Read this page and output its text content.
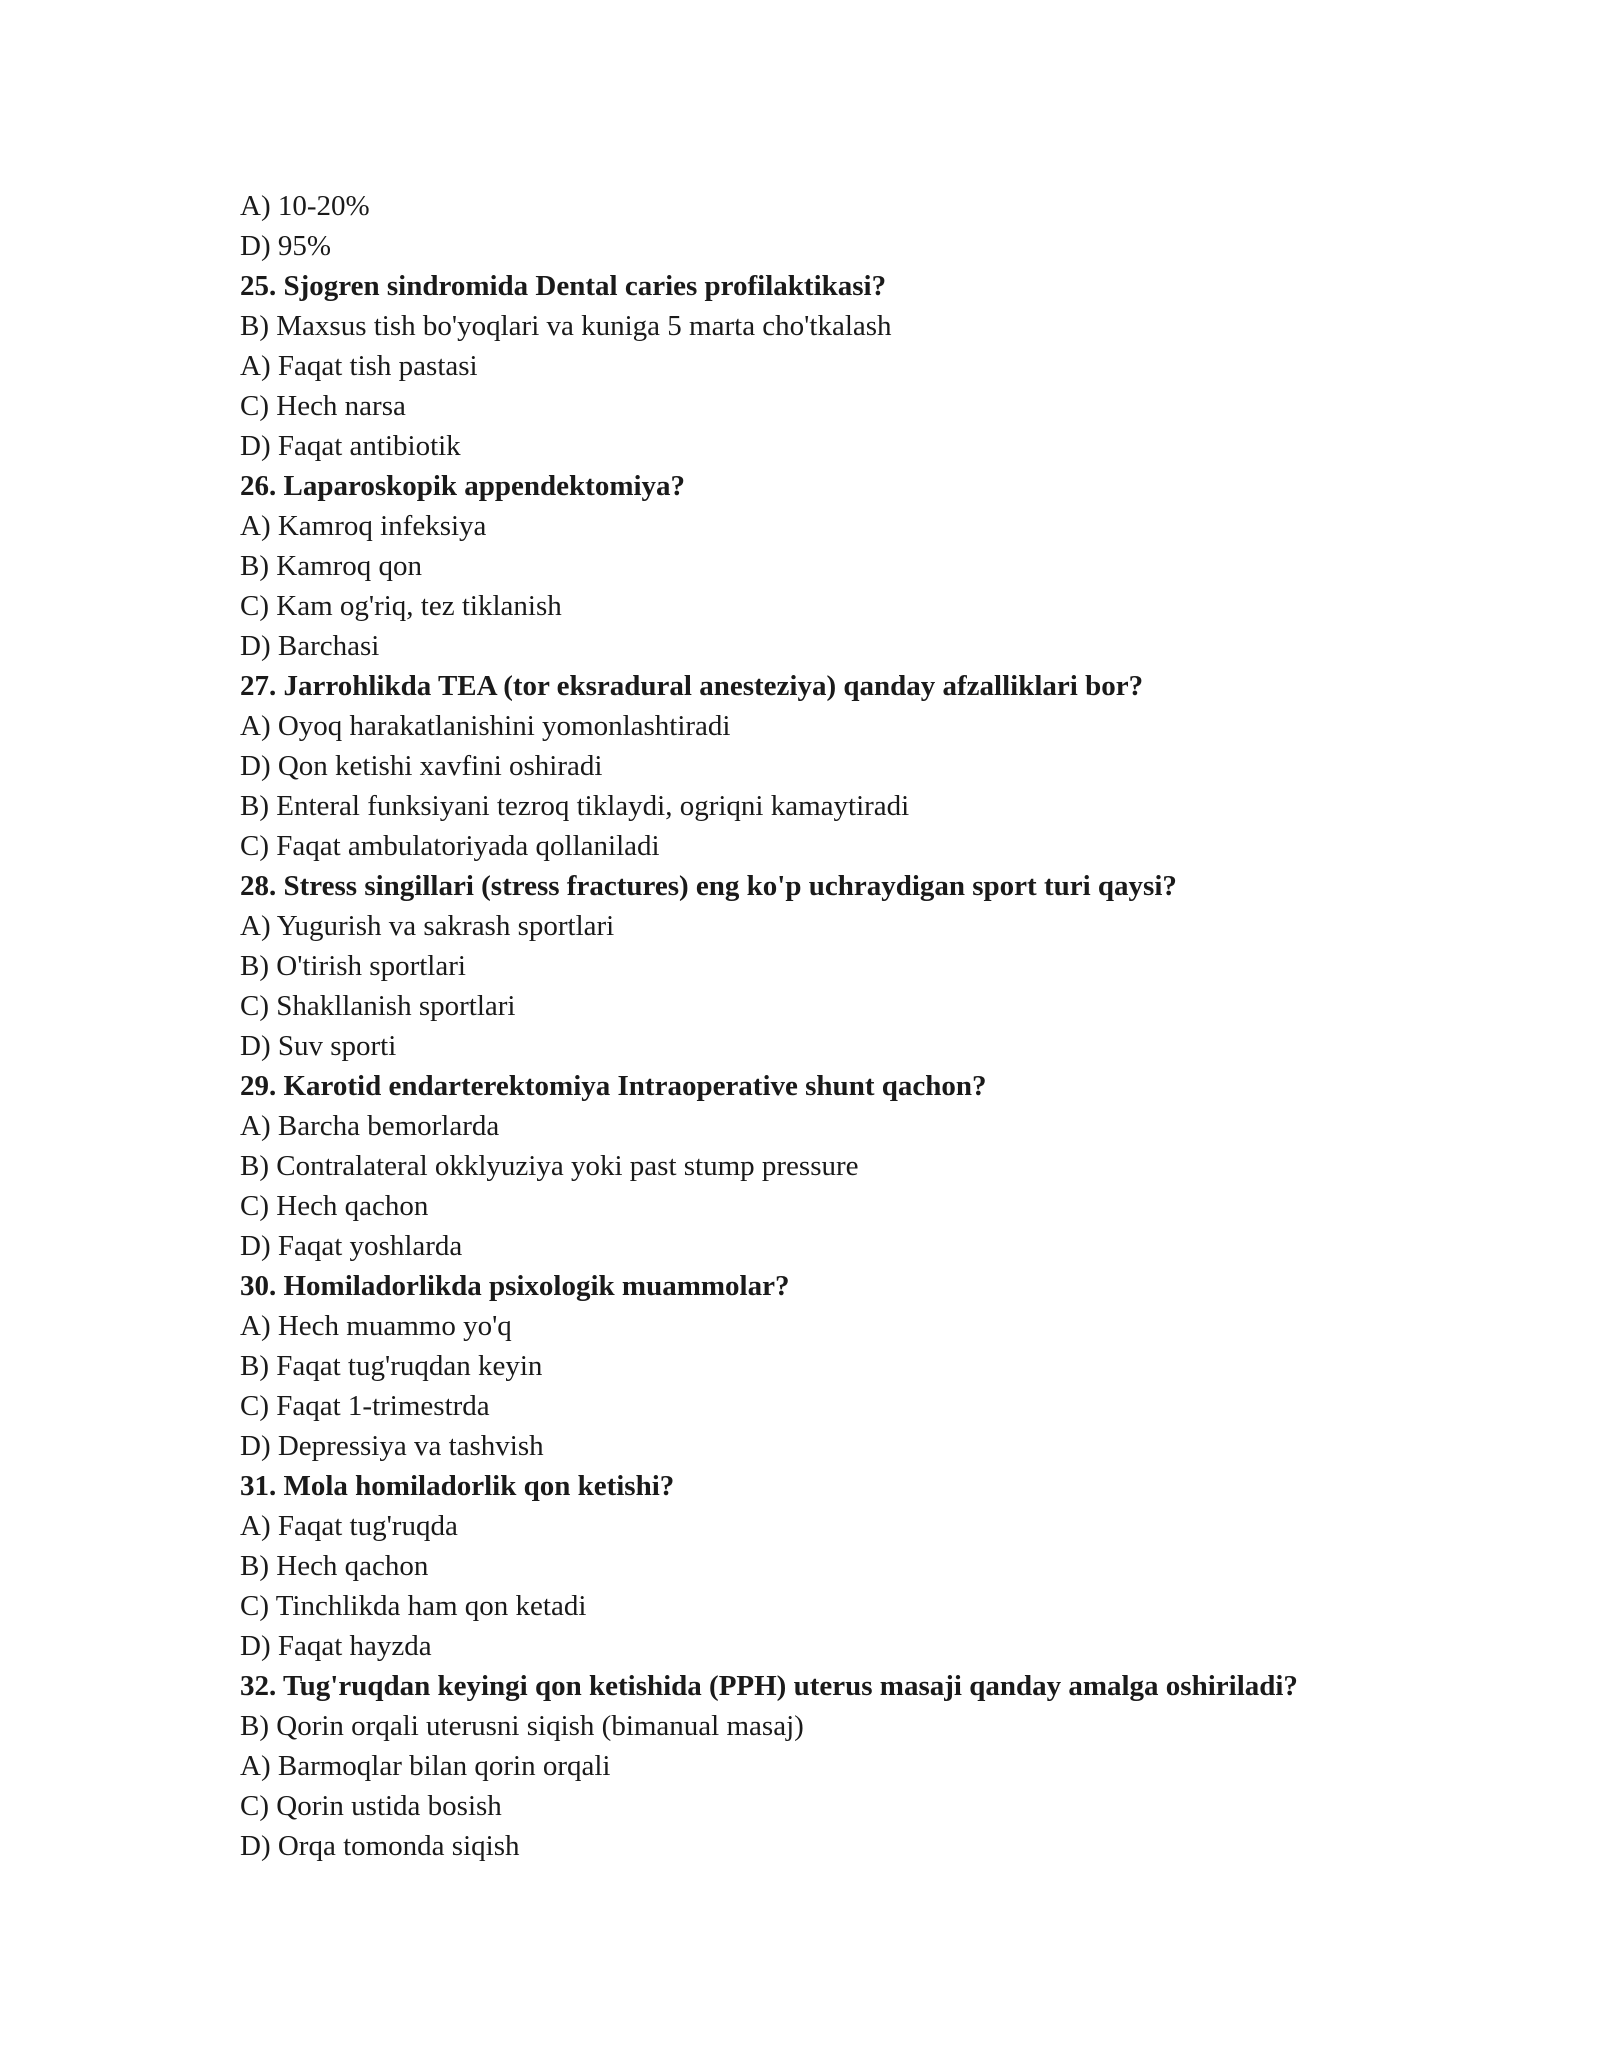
A) 10-20%
D) 95%
25. Sjogren sindromida Dental caries profilaktikasi?
B) Maxsus tish bo'yoqlari va kuniga 5 marta cho'tkalash
A) Faqat tish pastasi
C) Hech narsa
D) Faqat antibiotik
26. Laparoskopik appendektomiya?
A) Kamroq infeksiya
B) Kamroq qon
C) Kam og'riq, tez tiklanish
D) Barchasi
27. Jarrohlikda TEA (tor eksradural anesteziya) qanday afzalliklari bor?
A) Oyoq harakatlanishini yomonlashtiradi
D) Qon ketishi xavfini oshiradi
B) Enteral funksiyani tezroq tiklaydi, ogriqni kamaytiradi
C) Faqat ambulatoriyada qollaniladi
28. Stress singillari (stress fractures) eng ko'p uchraydigan sport turi qaysi?
A) Yugurish va sakrash sportlari
B) O'tirish sportlari
C) Shakllanish sportlari
D) Suv sporti
29. Karotid endarterektomiya Intraoperative shunt qachon?
A) Barcha bemorlarda
B) Contralateral okklyuziya yoki past stump pressure
C) Hech qachon
D) Faqat yoshlarda
30. Homiladorlikda psixologik muammolar?
A) Hech muammo yo'q
B) Faqat tug'ruqdan keyin
C) Faqat 1-trimestrda
D) Depressiya va tashvish
31. Mola homiladorlik qon ketishi?
A) Faqat tug'ruqda
B) Hech qachon
C) Tinchlikda ham qon ketadi
D) Faqat hayzda
32. Tug'ruqdan keyingi qon ketishida (PPH) uterus masaji qanday amalga oshiriladi?
B) Qorin orqali uterusni siqish (bimanual masaj)
A) Barmoqlar bilan qorin orqali
C) Qorin ustida bosish
D) Orqa tomonda siqish
